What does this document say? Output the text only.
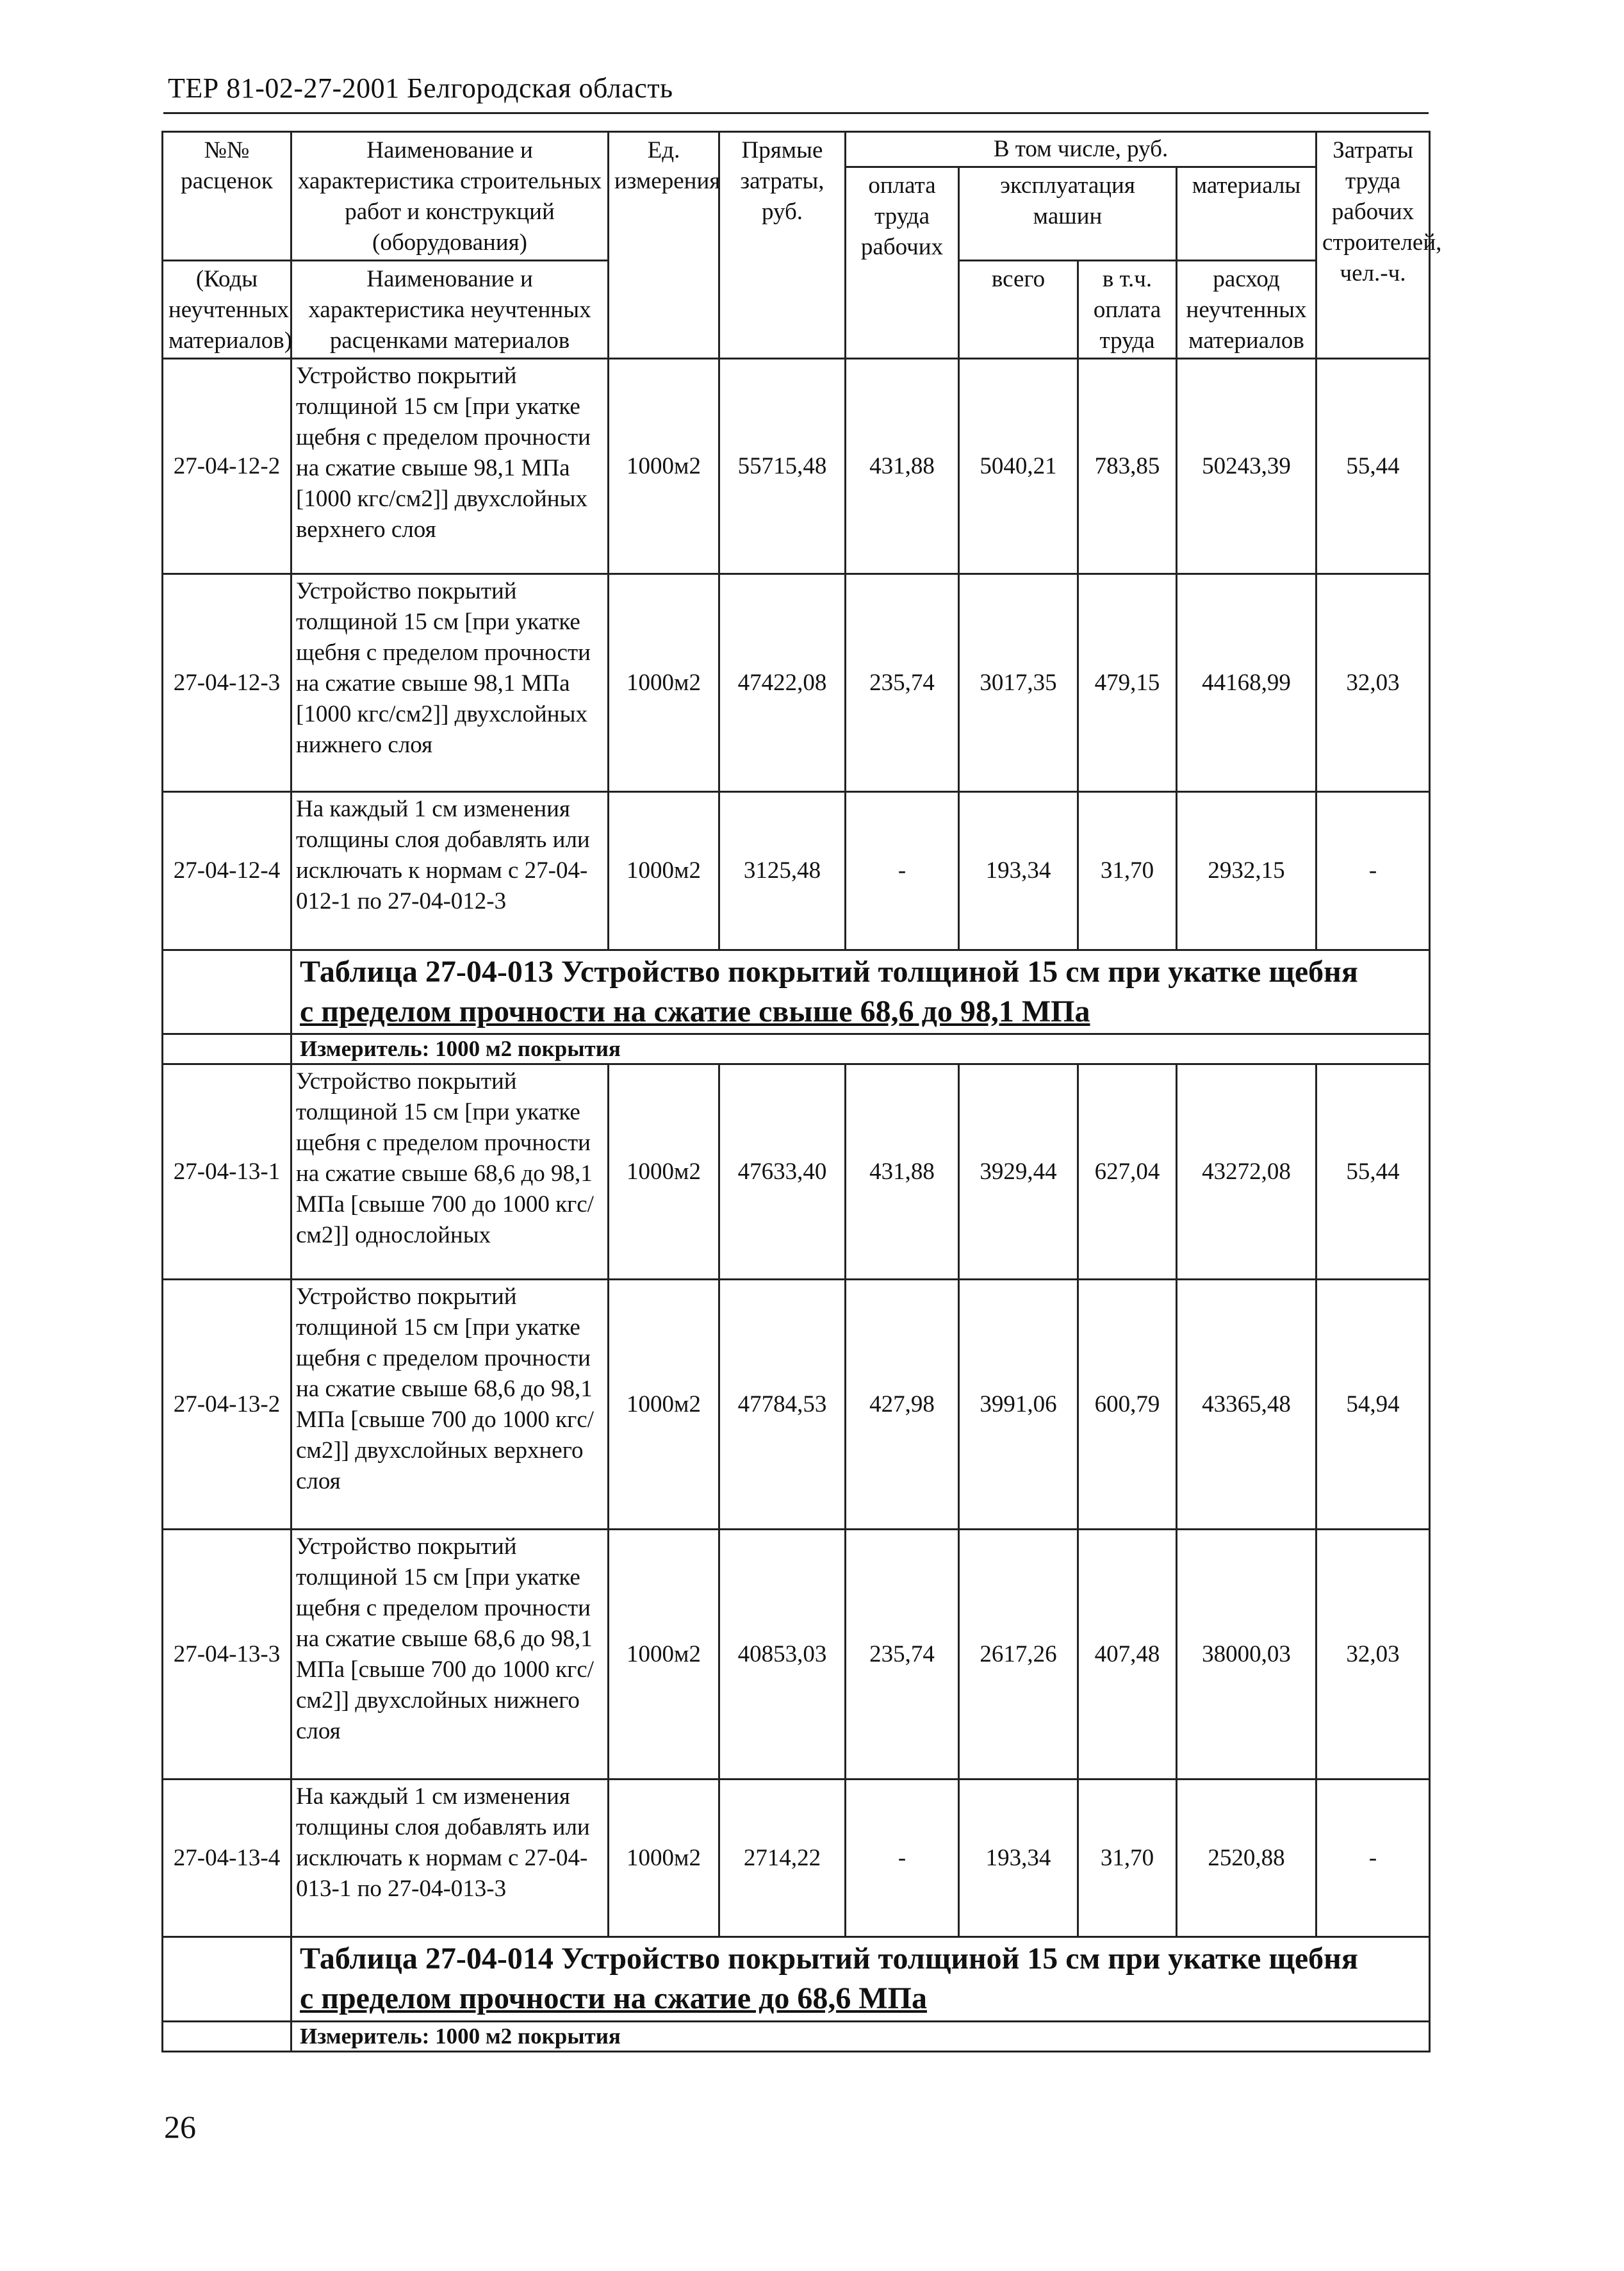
ТЕР 81-02-27-2001 Белгородская область
№№ расценок	Наименование и характеристика строительных работ и конструкций (оборудования)	Ед. измерения	Прямые затраты, руб.	В том числе, руб.				Затраты труда рабочих строителей, чел.-ч.
				оплата труда рабочих	эксплуатация машин		материалы	

(Коды неучтенных материалов)	Наименование и характеристика неучтенных расценками материалов				всего	в т.ч. оплата труда	расход неучтенных материалов	

27-04-12-2	Устройство покрытий толщиной 15 см [при укатке щебня с пределом прочности на сжатие свыше 98,1 МПа [1000 кгс/см2]] двухслойных верхнего слоя	1000м2	55715,48	431,88	5040,21	783,85	50243,39	55,44
27-04-12-3	Устройство покрытий толщиной 15 см [при укатке щебня с пределом прочности на сжатие свыше 98,1 МПа [1000 кгс/см2]] двухслойных нижнего слоя	1000м2	47422,08	235,74	3017,35	479,15	44168,99	32,03
27-04-12-4	На каждый 1 см изменения толщины слоя добавлять или исключать к нормам с 27-04-012-1 по 27-04-012-3	1000м2	3125,48	-	193,34	31,70	2932,15	-
	Таблица 27-04-013 Устройство покрытий толщиной 15 см при укатке щебня
с пределом прочности на сжатие свыше 68,6 до 98,1 МПа							
	Измеритель: 1000 м2 покрытия							
27-04-13-1	Устройство покрытий толщиной 15 см [при укатке щебня с пределом прочности на сжатие свыше 68,6 до 98,1 МПа [свыше 700 до 1000 кгс/см2]] однослойных	1000м2	47633,40	431,88	3929,44	627,04	43272,08	55,44
27-04-13-2	Устройство покрытий толщиной 15 см [при укатке щебня с пределом прочности на сжатие свыше 68,6 до 98,1 МПа [свыше 700 до 1000 кгс/см2]] двухслойных верхнего слоя	1000м2	47784,53	427,98	3991,06	600,79	43365,48	54,94
27-04-13-3	Устройство покрытий толщиной 15 см [при укатке щебня с пределом прочности на сжатие свыше 68,6 до 98,1 МПа [свыше 700 до 1000 кгс/см2]] двухслойных нижнего слоя	1000м2	40853,03	235,74	2617,26	407,48	38000,03	32,03
27-04-13-4	На каждый 1 см изменения толщины слоя добавлять или исключать к нормам с 27-04-013-1 по 27-04-013-3	1000м2	2714,22	-	193,34	31,70	2520,88	-
	Таблица 27-04-014 Устройство покрытий толщиной 15 см при укатке щебня
с пределом прочности на сжатие до 68,6 МПа							
	Измеритель: 1000 м2 покрытия							
26
